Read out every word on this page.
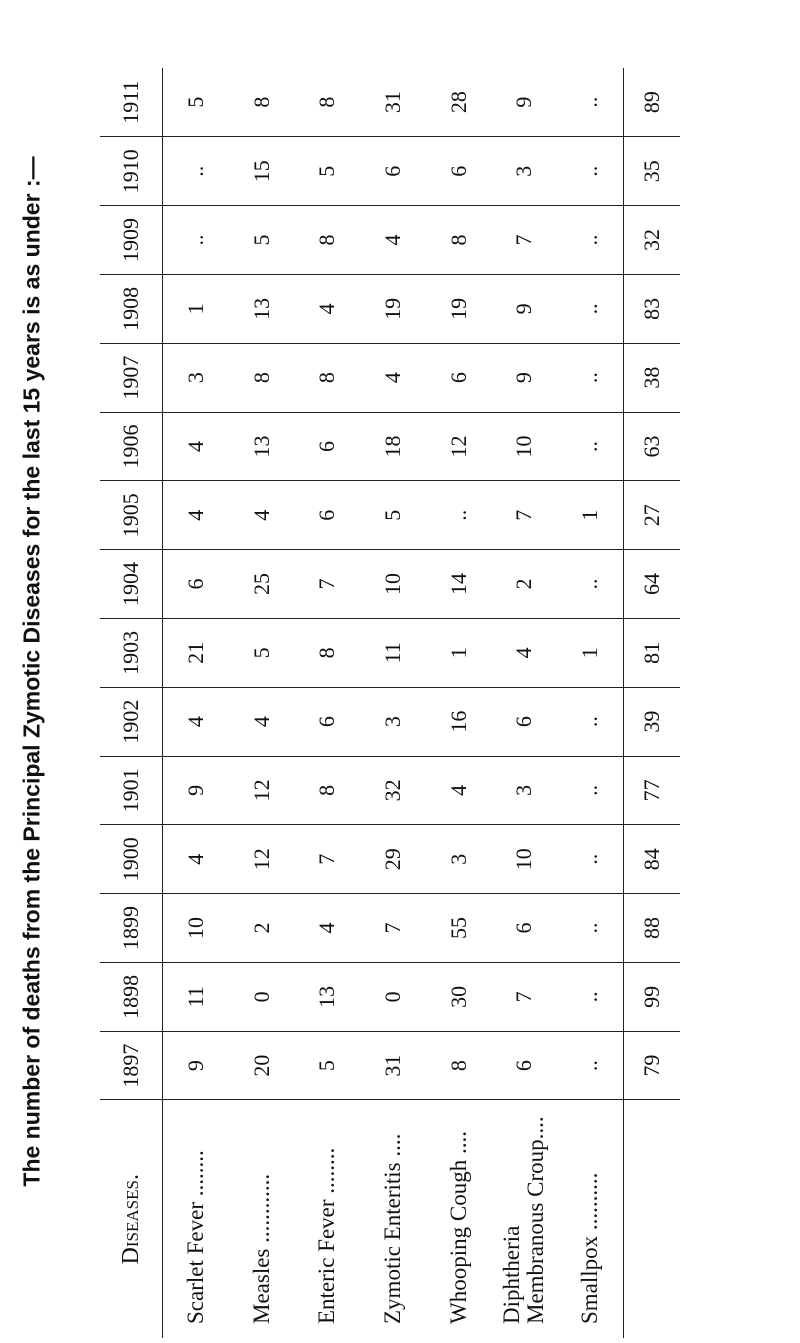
The number of deaths from the Principal Zymotic Diseases for the last 15 years is as under :—
Diseases.	1897	1898	1899	1900	1901	1902	1903	1904	1905	1906	1907	1908	1909	1910	1911
Scarlet Fever ........	9	11	10	4	9	4	21	6	4	4	3	1	..	..	5
Measles ............	20	0	2	12	12	4	5	25	4	13	8	13	5	15	8
Enteric Fever ........	5	13	4	7	8	6	8	7	6	6	8	4	8	5	8
Zymotic Enteritis ....	31	0	7	29	32	3	11	10	5	18	4	19	4	6	31
Whooping Cough ....	8	30	55	3	4	16	1	14	..	12	6	19	8	6	28

Diphtheria Membranous Croup....	6	7	6	10	3	6	4	2	7	10	9	9	7	3	9
Smallpox ..........	..	..	..	..	..	..	1	..	1	..	..	..	..	..	..
	79	99	88	84	77	39	81	64	27	63	38	83	32	35	89
